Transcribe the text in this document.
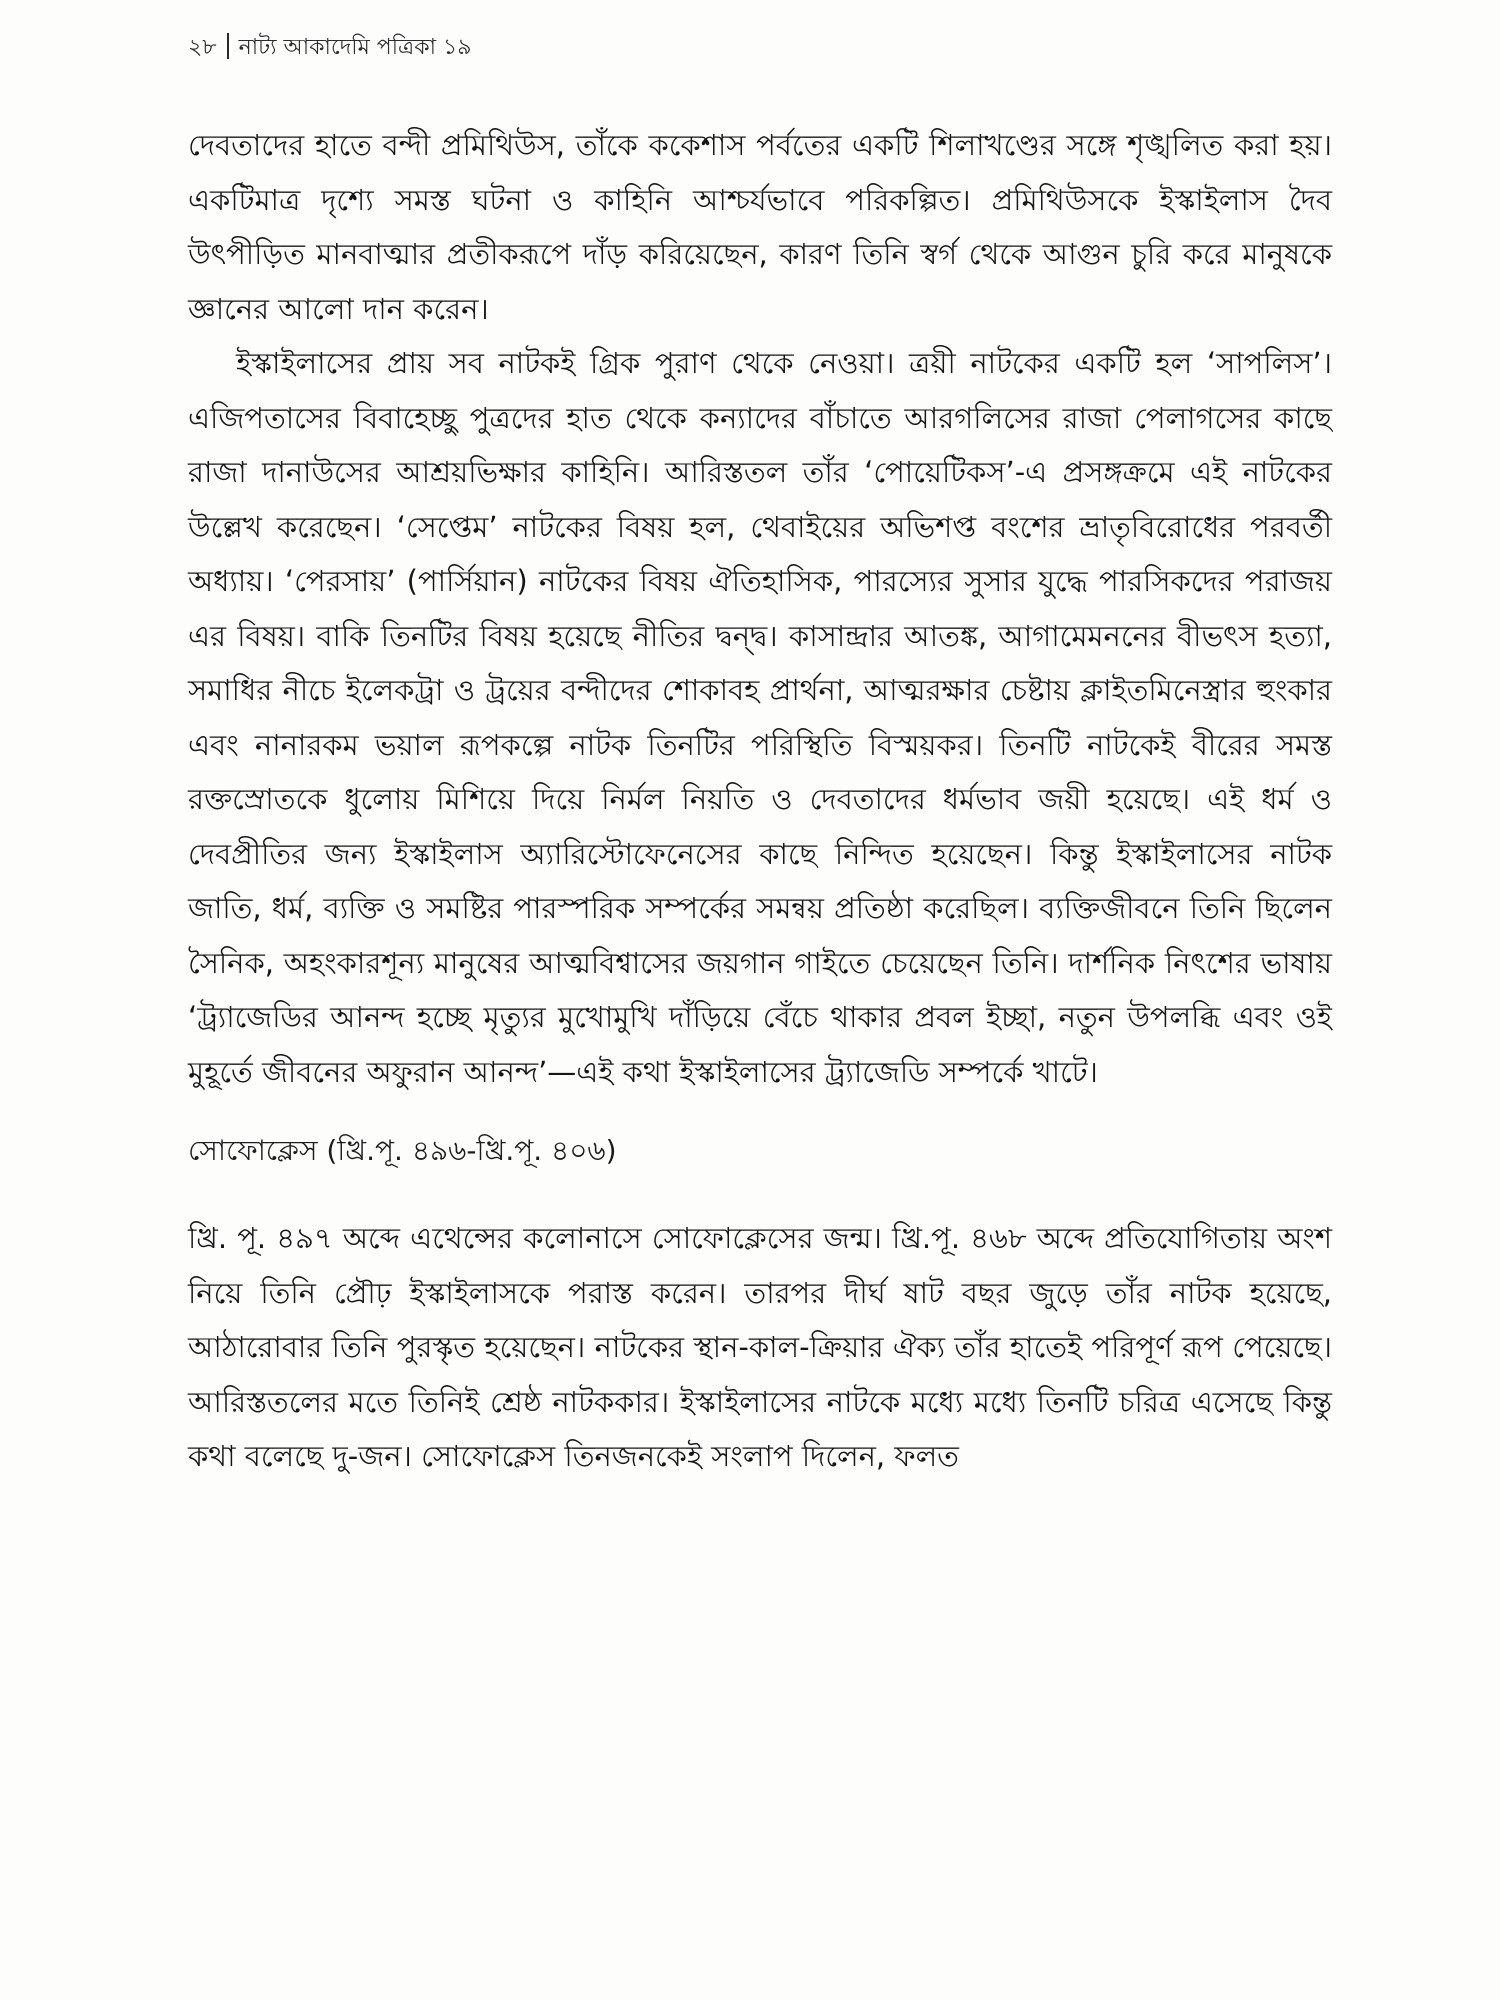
২৮ নাট্য আকাদেমি পত্রিকা ১৯

দেবতাদের হাতে বন্দী প্রমিথিউস, তাঁকে ককেশাস পর্বতের একটি শিলাখণ্ডের সঙ্গে শৃঙ্খলিত করা হয়। একটিমাত্র দৃশ্যে সমস্ত ঘটনা ও কাহিনি আশ্চর্যভাবে পরিকল্পিত। প্রমিথিউসকে ইস্কাইলাস দৈব উৎপীড়িত মানবাত্মার প্রতীকরূপে দাঁড় করিয়েছেন, কারণ তিনি স্বর্গ থেকে আগুন চুরি করে মানুষকে জ্ঞানের আলো দান করেন।

ইস্কাইলাসের প্রায় সব নাটকই গ্রিক পুরাণ থেকে নেওয়া। ত্রয়ী নাটকের একটি হল ‘সাপলিস’। এজিপতাসের বিবাহেচ্ছু পুত্রদের হাত থেকে কন্যাদের বাঁচাতে আরগলিসের রাজা পেলাগসের কাছে রাজা দানাউসের আশ্রয়ভিক্ষার কাহিনি। আরিস্ততল তাঁর ‘পোয়েটিকস’-এ প্রসঙ্গক্রমে এই নাটকের উল্লেখ করেছেন। ‘সেপ্তেম’ নাটকের বিষয় হল, থেবাইয়ের অভিশপ্ত বংশের ভ্রাতৃবিরোধের পরবর্তী অধ্যায়। ‘পেরসায়’ (পার্সিয়ান) নাটকের বিষয় ঐতিহাসিক, পারস্যের সুসার যুদ্ধে পারসিকদের পরাজয় এর বিষয়। বাকি তিনটির বিষয় হয়েছে নীতির দ্বন্দ্ব। কাসান্দ্রার আতঙ্ক, আগামেমননের বীভৎস হত্যা, সমাধির নীচে ইলেকট্রা ও ট্রয়ের বন্দীদের শোকাবহ প্রার্থনা, আত্মরক্ষার চেষ্টায় ক্লাইতমিনেস্ত্রার হুংকার এবং নানারকম ভয়াল রূপকল্পে নাটক তিনটির পরিস্থিতি বিস্ময়কর। তিনটি নাটকেই বীরের সমস্ত রক্তস্রোতকে ধুলোয় মিশিয়ে দিয়ে নির্মল নিয়তি ও দেবতাদের ধর্মভাব জয়ী হয়েছে। এই ধর্ম ও দেবপ্রীতির জন্য ইস্কাইলাস অ্যারিস্টোফেনেসের কাছে নিন্দিত হয়েছেন। কিন্তু ইস্কাইলাসের নাটক জাতি, ধর্ম, ব্যক্তি ও সমষ্টির পারস্পরিক সম্পর্কের সমন্বয় প্রতিষ্ঠা করেছিল। ব্যক্তিজীবনে তিনি ছিলেন সৈনিক, অহংকারশূন্য মানুষের আত্মবিশ্বাসের জয়গান গাইতে চেয়েছেন তিনি। দার্শনিক নিৎশের ভাষায় ‘ট্র্যাজেডির আনন্দ হচ্ছে মৃত্যুর মুখোমুখি দাঁড়িয়ে বেঁচে থাকার প্রবল ইচ্ছা, নতুন উপলব্ধি এবং ওই মুহূর্তে জীবনের অফুরান আনন্দ’—এই কথা ইস্কাইলাসের ট্র্যাজেডি সম্পর্কে খাটে।

সোফোক্লেস (খ্রি.পূ. ৪৯৬-খ্রি.পূ. ৪০৬)

খ্রি. পূ. ৪৯৭ অব্দে এথেন্সের কলোনাসে সোফোক্লেসের জন্ম। খ্রি.পূ. ৪৬৮ অব্দে প্রতিযোগিতায় অংশ নিয়ে তিনি প্রৌঢ় ইস্কাইলাসকে পরাস্ত করেন। তারপর দীর্ঘ ষাট বছর জুড়ে তাঁর নাটক হয়েছে, আঠারোবার তিনি পুরস্কৃত হয়েছেন। নাটকের স্থান-কাল-ক্রিয়ার ঐক্য তাঁর হাতেই পরিপূর্ণ রূপ পেয়েছে। আরিস্ততলের মতে তিনিই শ্রেষ্ঠ নাটককার। ইস্কাইলাসের নাটকে মধ্যে মধ্যে তিনটি চরিত্র এসেছে কিন্তু কথা বলেছে দু-জন। সোফোক্লেস তিনজনকেই সংলাপ দিলেন, ফলত
